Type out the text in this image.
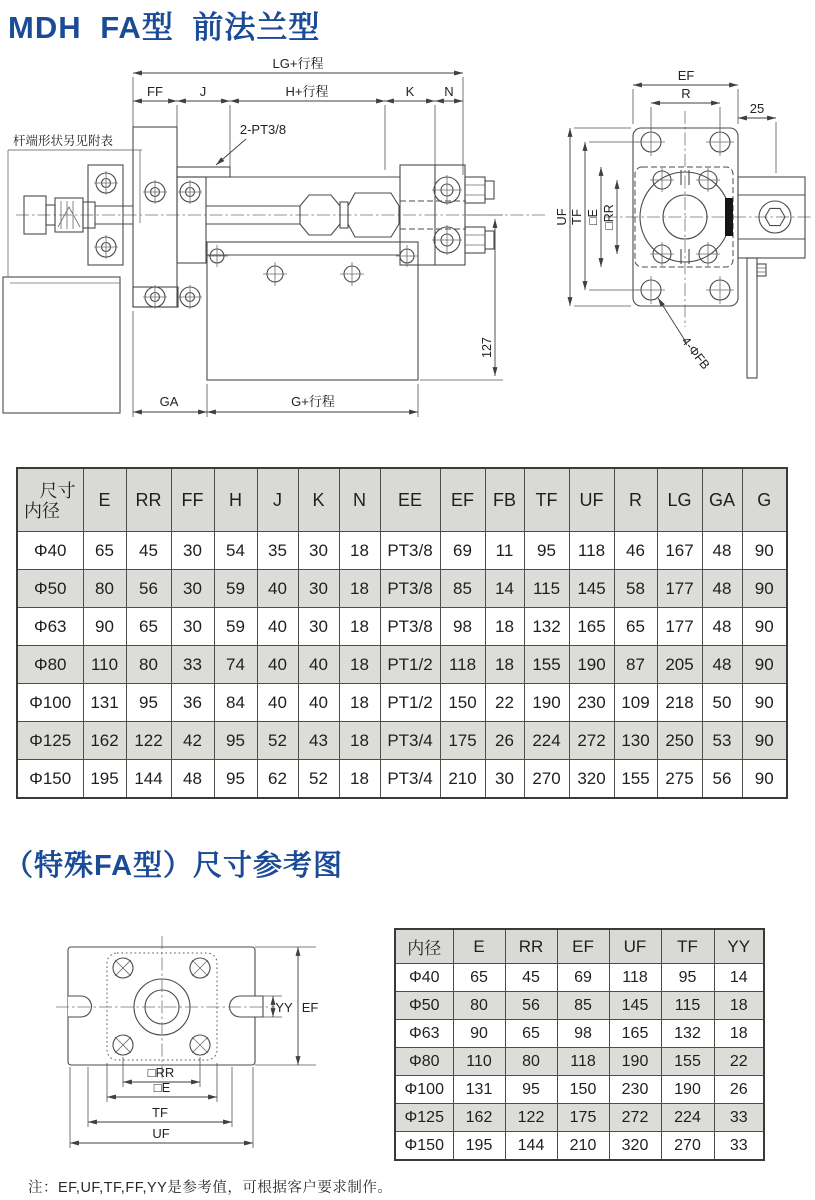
MDH FA型 前法兰型
LG+行程
FF	J	H+行程	K N
2-PT3/8
杆端形状另见附表
127
GA	G+行程
EF
R
25
UF TF □E □RR
4-ΦFB
尺寸
内径	E	RR	FF	H	J	K	N	EE	EF	FB	TF	UF	R	LG	GA	G
Φ40	65	45	30	54	35	30	18	PT3/8	69	11	95	118	46	167	48	90
Φ50	80	56	30	59	40	30	18	PT3/8	85	14	115	145	58	177	48	90
Φ63	90	65	30	59	40	30	18	PT3/8	98	18	132	165	65	177	48	90
Φ80	110	80	33	74	40	40	18	PT1/2	118	18	155	190	87	205	48	90
Φ100	131	95	36	84	40	40	18	PT1/2	150	22	190	230	109	218	50	90
Φ125	162	122	42	95	52	43	18	PT3/4	175	26	224	272	130	250	53	90
Φ150	195	144	48	95	62	52	18	PT3/4	210	30	270	320	155	275	56	90
（特殊FA型）尺寸参考图
YY EF
□RR
□E
TF
UF
内径	E	RR	EF	UF	TF	YY
Φ40	65	45	69	118	95	14
Φ50	80	56	85	145	115	18
Φ63	90	65	98	165	132	18
Φ80	110	80	118	190	155	22
Φ100	131	95	150	230	190	26
Φ125	162	122	175	272	224	33
Φ150	195	144	210	320	270	33
注：EF,UF,TF,FF,YY是参考值，可根据客户要求制作。
